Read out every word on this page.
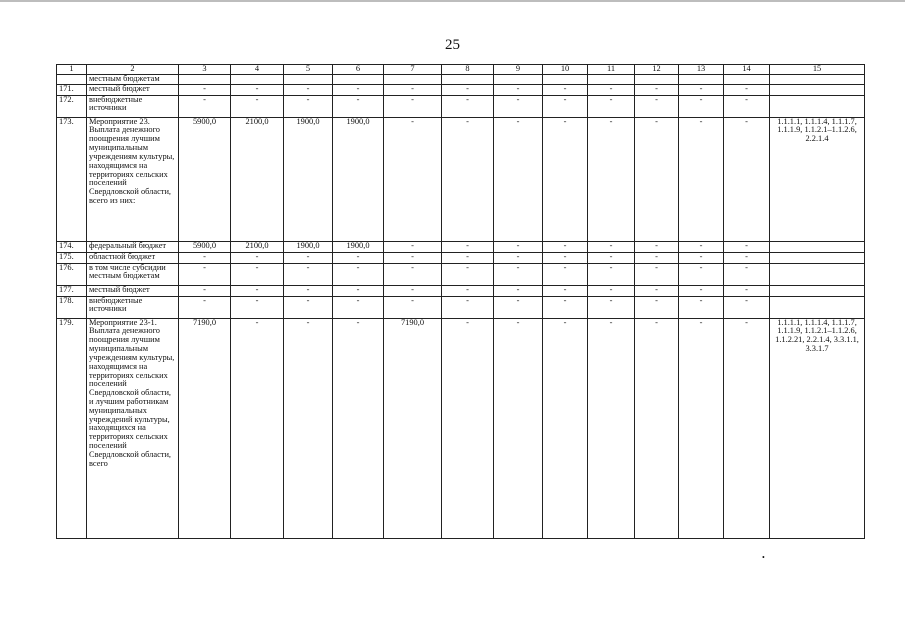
25
1	2	3	4	5	6	7	8	9	10	11	12	13	14	15
	местным бюджетам													
171.	местный бюджет	-	-	-	-	-	-	-	-	-	-	-	-	
172.	внебюджетные источники	-	-	-	-	-	-	-	-	-	-	-	-	
173.	Мероприятие 23. Выплата денежного поощрения лучшим муниципальным учреждениям культуры, находящимся на территориях сельских поселений Свердловской области, всего из них:	5900,0	2100,0	1900,0	1900,0	-	-	-	-	-	-	-	-	1.1.1.1, 1.1.1.4, 1.1.1.7, 1.1.1.9, 1.1.2.1–1.1.2.6, 2.2.1.4
174.	федеральный бюджет	5900,0	2100,0	1900,0	1900,0	-	-	-	-	-	-	-	-	
175.	областной бюджет	-	-	-	-	-	-	-	-	-	-	-	-	
176.	в том числе субсидии местным бюджетам	-	-	-	-	-	-	-	-	-	-	-	-	
177.	местный бюджет	-	-	-	-	-	-	-	-	-	-	-	-	
178.	внебюджетные источники	-	-	-	-	-	-	-	-	-	-	-	-	
179.	Мероприятие 23-1. Выплата денежного поощрения лучшим муниципальным учреждениям культуры, находящимся на территориях сельских поселений Свердловской области, и лучшим работникам муниципальных учреждений культуры, находящихся на территориях сельских поселений Свердловской области, всего	7190,0	-	-	-	7190,0	-	-	-	-	-	-	-	1.1.1.1, 1.1.1.4, 1.1.1.7, 1.1.1.9, 1.1.2.1–1.1.2.6, 1.1.2.21, 2.2.1.4, 3.3.1.1, 3.3.1.7
•
